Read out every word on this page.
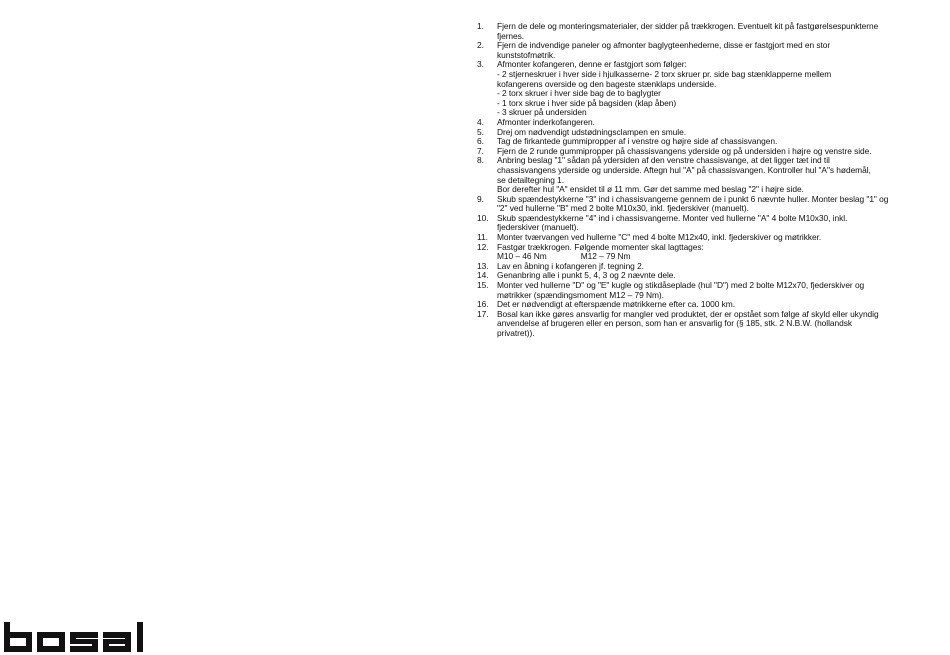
1.	Fjern de dele og monteringsmaterialer, der sidder på trækkrogen. Eventuelt kit på fastgørelsespunkterne
fjernes.
2.	Fjern de indvendige paneler og afmonter baglygteenhederne, disse er fastgjort med en stor
kunststofmøtrik.
3.	Afmonter kofangeren, denne er fastgjort som følger:
- 2 stjerneskruer i hver side i hjulkasserne- 2 torx skruer pr. side bag stænklapperne mellem
kofangerens overside og den bageste stænklaps underside.
- 2 torx skruer i hver side bag de to baglygter
- 1 torx skrue i hver side på bagsiden (klap åben)
- 3 skruer på undersiden
4.	Afmonter inderkofangeren.
5.	Drej om nødvendigt udstødningsclampen en smule.
6.	Tag de firkantede gummipropper af i venstre og højre side af chassisvangen.
7.	Fjern de 2 runde gummipropper på chassisvangens yderside og på undersiden i højre og venstre side.
8.	Anbring beslag "1" sådan på ydersiden af den venstre chassisvange, at det ligger tæt ind til
chassisvangens yderside og underside. Aftegn hul "A" på chassisvangen. Kontroller hul "A"s hødemål,
se detailtegning 1.
Bor derefter hul "A" ensidet til ø 11 mm. Gør det samme med beslag "2" i højre side.
9.	Skub spændestykkerne "3" ind i chassisvangerne gennem de i punkt 6 nævnte huller. Monter beslag "1" og
"2" ved hullerne "B" med 2 bolte M10x30, inkl. fjederskiver (manuelt).
10.	Skub spændestykkerne "4" ind i chassisvangerne. Monter ved hullerne "A" 4 bolte M10x30, inkl.
fjederskiver (manuelt).
11.	Monter tværvangen ved hullerne "C" med 4 bolte M12x40, inkl. fjederskiver og møtrikker.
12.	Fastgør trækkrogen. Følgende momenter skal lagttages:
M10 – 46 Nm	M12 – 79 Nm
13.	Lav en åbning i kofangeren jf. tegning 2.
14.	Genanbring alle i punkt 5, 4, 3 og 2 nævnte dele.
15.	Monter ved hullerne "D" og "E" kugle og stikdåseplade (hul "D") med 2 bolte M12x70, fjederskiver og
møtrikker (spændingsmoment M12 – 79 Nm).
16.	Det er nødvendigt at efterspænde møtrikkerne efter ca. 1000 km.
17.	Bosal kan ikke gøres ansvarlig for mangler ved produktet, der er opstået som følge af skyld eller ukyndig
anvendelse af brugeren eller en person, som han er ansvarlig for (§ 185, stk. 2 N.B.W. (hollandsk
privatret)).
